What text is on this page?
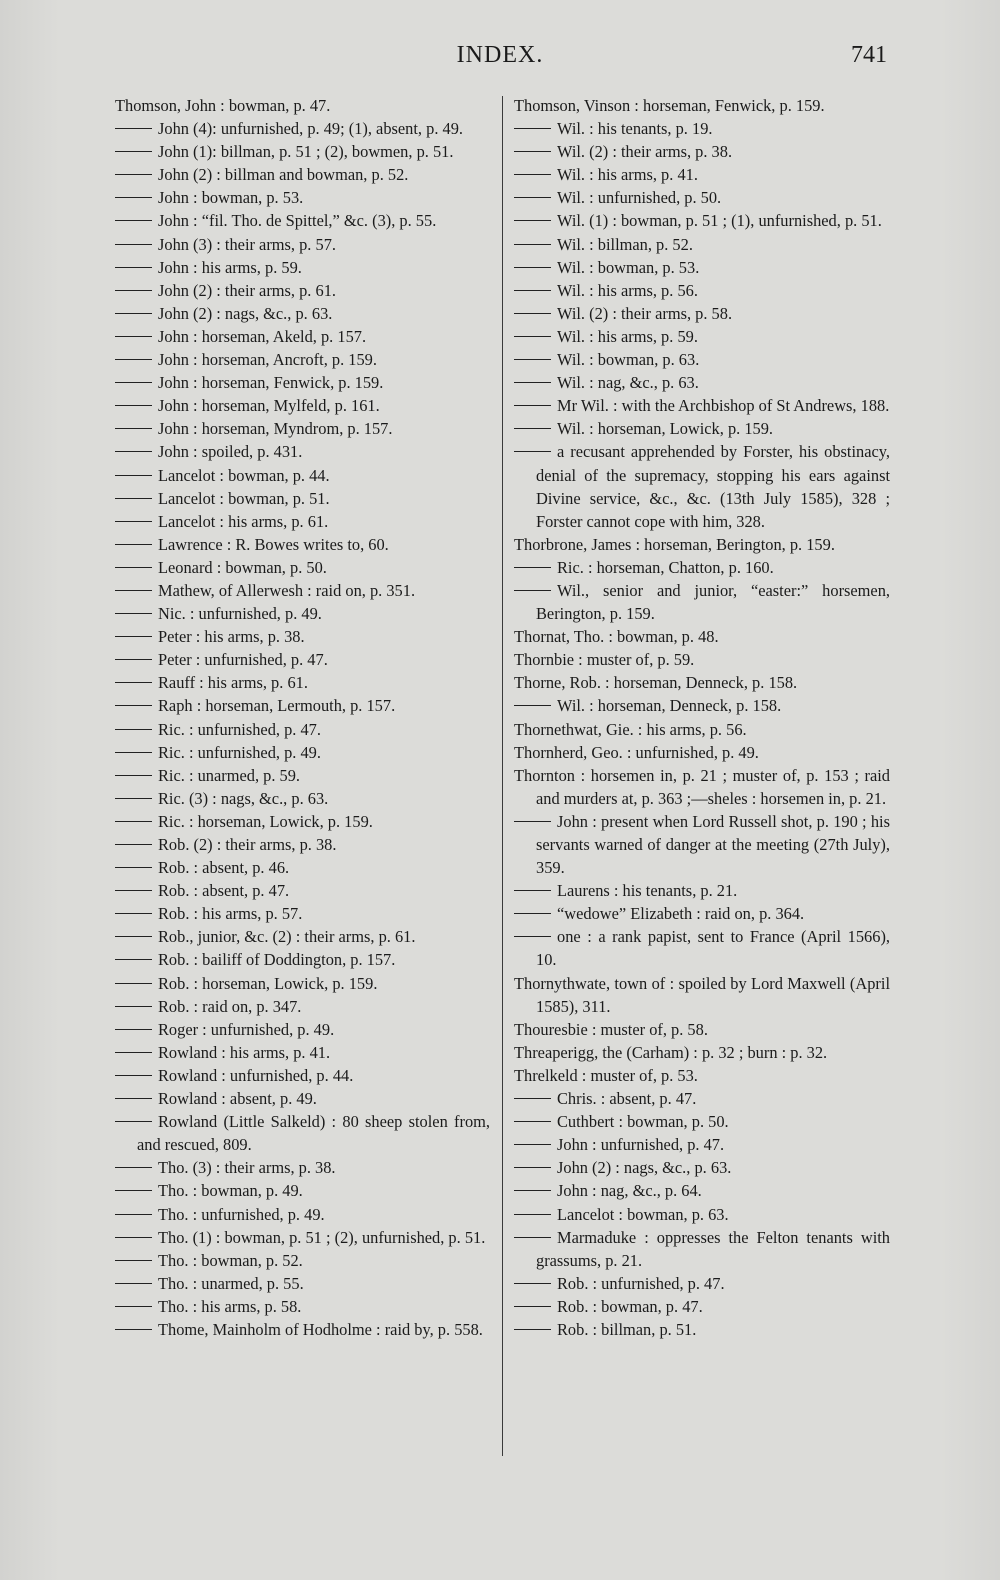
INDEX.	741

Thomson, John : bowman, p. 47.

John (4): unfurnished, p. 49; (1), absent, p. 49.

John (1): billman, p. 51 ; (2), bowmen, p. 51.

John (2) : billman and bowman, p. 52.

John : bowman, p. 53.

John : “fil. Tho. de Spittel,” &c. (3), p. 55.

John (3) : their arms, p. 57.

John : his arms, p. 59.

John (2) : their arms, p. 61.

John (2) : nags, &c., p. 63.

John : horseman, Akeld, p. 157.

John : horseman, Ancroft, p. 159.

John : horseman, Fenwick, p. 159.

John : horseman, Mylfeld, p. 161.

John : horseman, Myndrom, p. 157.

John : spoiled, p. 431.

Lancelot : bowman, p. 44.

Lancelot : bowman, p. 51.

Lancelot : his arms, p. 61.

Lawrence : R. Bowes writes to, 60.

Leonard : bowman, p. 50.

Mathew, of Allerwesh : raid on, p. 351.

Nic. : unfurnished, p. 49.

Peter : his arms, p. 38.

Peter : unfurnished, p. 47.

Rauff : his arms, p. 61.

Raph : horseman, Lermouth, p. 157.

Ric. : unfurnished, p. 47.

Ric. : unfurnished, p. 49.

Ric. : unarmed, p. 59.

Ric. (3) : nags, &c., p. 63.

Ric. : horseman, Lowick, p. 159.

Rob. (2) : their arms, p. 38.

Rob. : absent, p. 46.

Rob. : absent, p. 47.

Rob. : his arms, p. 57.

Rob., junior, &c. (2) : their arms, p. 61.

Rob. : bailiff of Doddington, p. 157.

Rob. : horseman, Lowick, p. 159.

Rob. : raid on, p. 347.

Roger : unfurnished, p. 49.

Rowland : his arms, p. 41.

Rowland : unfurnished, p. 44.

Rowland : absent, p. 49.

Rowland (Little Salkeld) : 80 sheep stolen from, and rescued, 809.

Tho. (3) : their arms, p. 38.

Tho. : bowman, p. 49.

Tho. : unfurnished, p. 49.

Tho. (1) : bowman, p. 51 ; (2), unfurnished, p. 51.

Tho. : bowman, p. 52.

Tho. : unarmed, p. 55.

Tho. : his arms, p. 58.

Thome, Mainholm of Hodholme : raid by, p. 558.

Thomson, Vinson : horseman, Fenwick, p. 159.

Wil. : his tenants, p. 19.

Wil. (2) : their arms, p. 38.

Wil. : his arms, p. 41.

Wil. : unfurnished, p. 50.

Wil. (1) : bowman, p. 51 ; (1), unfurnished, p. 51.

Wil. : billman, p. 52.

Wil. : bowman, p. 53.

Wil. : his arms, p. 56.

Wil. (2) : their arms, p. 58.

Wil. : his arms, p. 59.

Wil. : bowman, p. 63.

Wil. : nag, &c., p. 63.

Mr Wil. : with the Archbishop of St Andrews, 188.

Wil. : horseman, Lowick, p. 159.

a recusant apprehended by Forster, his obstinacy, denial of the supremacy, stopping his ears against Divine service, &c., &c. (13th July 1585), 328 ; Forster cannot cope with him, 328.

Thorbrone, James : horseman, Berington, p. 159.

Ric. : horseman, Chatton, p. 160.

Wil., senior and junior, “easter:” horsemen, Berington, p. 159.

Thornat, Tho. : bowman, p. 48.

Thornbie : muster of, p. 59.

Thorne, Rob. : horseman, Denneck, p. 158.

Wil. : horseman, Denneck, p. 158.

Thornethwat, Gie. : his arms, p. 56.

Thornherd, Geo. : unfurnished, p. 49.

Thornton : horsemen in, p. 21 ; muster of, p. 153 ; raid and murders at, p. 363 ;—sheles : horsemen in, p. 21.

John : present when Lord Russell shot, p. 190 ; his servants warned of danger at the meeting (27th July), 359.

Laurens : his tenants, p. 21.

“wedowe” Elizabeth : raid on, p. 364.

one : a rank papist, sent to France (April 1566), 10.

Thornythwate, town of : spoiled by Lord Maxwell (April 1585), 311.

Thouresbie : muster of, p. 58.

Threaperigg, the (Carham) : p. 32 ; burn : p. 32.

Threlkeld : muster of, p. 53.

Chris. : absent, p. 47.

Cuthbert : bowman, p. 50.

John : unfurnished, p. 47.

John (2) : nags, &c., p. 63.

John : nag, &c., p. 64.

Lancelot : bowman, p. 63.

Marmaduke : oppresses the Felton tenants with grassums, p. 21.

Rob. : unfurnished, p. 47.

Rob. : bowman, p. 47.

Rob. : billman, p. 51.
